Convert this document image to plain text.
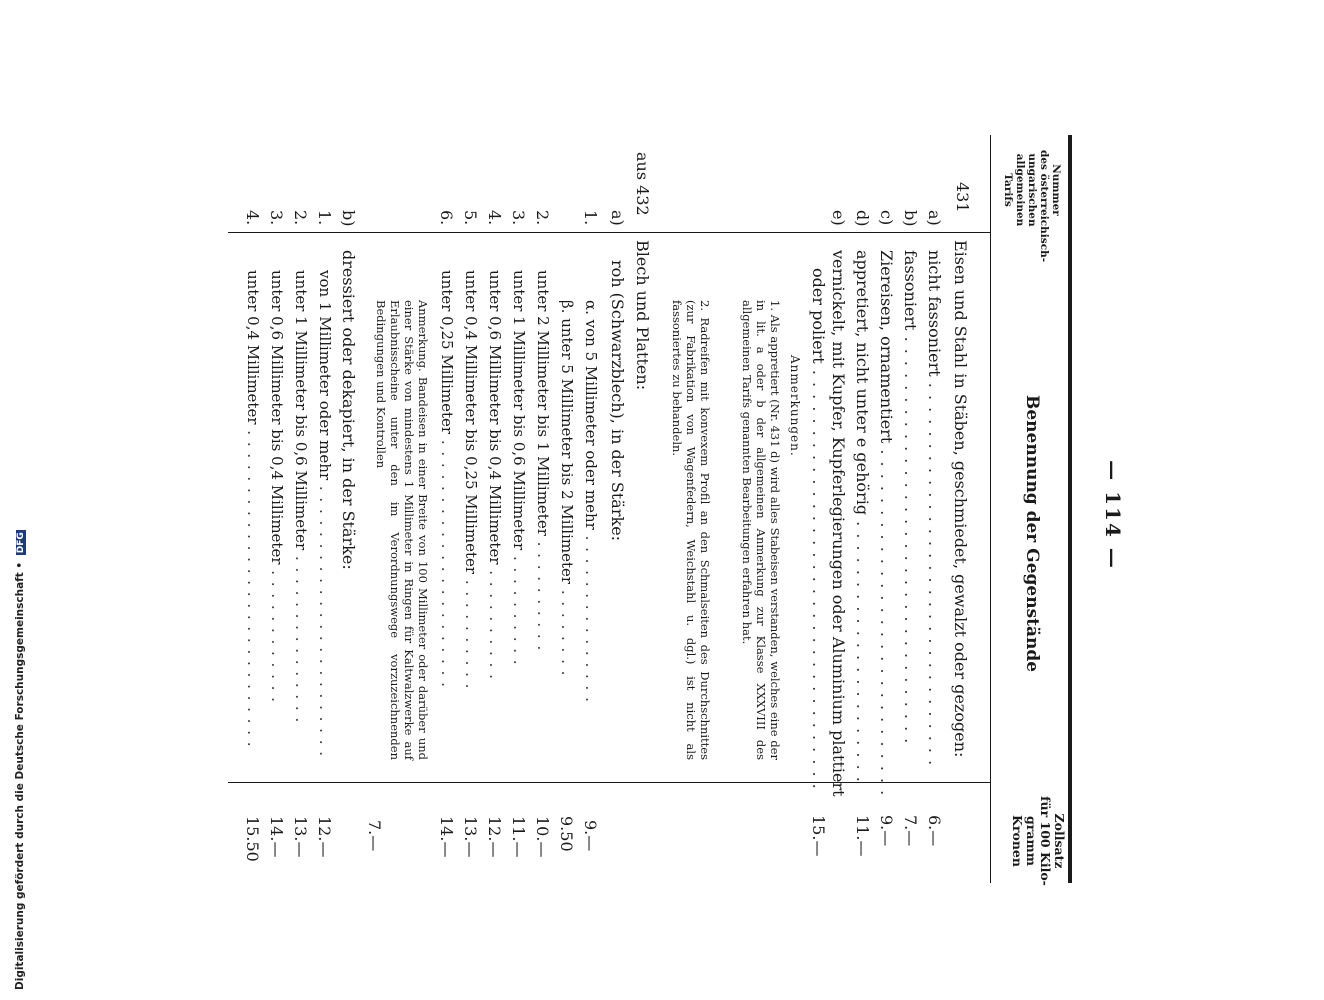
— 114 —
Nummer
des österreichisch-
ungarischen
allgemeinen
Tarifs
Benennung der Gegenstände
Zollsatz
für 100 Kilo-
gramm
Kronen
431
Eisen und Stahl in Stäben, geschmiedet, gewalzt oder gezogen:
a)
nicht fassoniert . . . . . . . . . . . . . . . . . . . . . . . . . . . . . . . .
6.—
b)
fassoniert . . . . . . . . . . . . . . . . . . . . . . . . . . . . . . . . . .
7.—
c)
Ziereisen, ornamentiert . . . . . . . . . . . . . . . . . . . . . . . . . . . . .
9.—
d)
appretiert, nicht unter e gehörig . . . . . . . . . . . . . . . . . . . . . .
11.—
e)
vernickelt, mit Kupfer, Kupferlegierungen oder Aluminium plattiert
oder poliert . . . . . . . . . . . . . . . . . . . . . . . . . . . . . . . . . . .
15.—
Anmerkungen.
1. Als appretiert (Nr. 431 d) wird alles Stabeisen verstanden, welches eine der in lit. a oder b der allgemeinen Anmerkung zur Klasse XXXVIII des allgemeinen Tarifs genannten Bearbeitungen erfahren hat.
2. Radreifen mit konvexem Profil an den Schmalseiten des Durchschnittes (zur Fabrikation von Wagenfedern, Weichstahl u. dgl.) ist nicht als fassoniertes zu behandeln.
aus 432
Blech und Platten:
a)
roh (Schwarzblech), in der Stärke:
1.
α. von 5 Millimeter oder mehr . . . . . . . . . . . . . . .
9.—
β. unter 5 Millimeter bis 2 Millimeter . . . . . . . .
9.50
2.
unter 2 Millimeter bis 1 Millimeter . . . . . . . . . .
10.—
3.
unter 1 Millimeter bis 0,6 Millimeter . . . . . . . . . .
11.—
4.
unter 0,6 Millimeter bis 0,4 Millimeter . . . . . . . . . .
12.—
5.
unter 0,4 Millimeter bis 0,25 Millimeter . . . . . . . . . .
13.—
6.
unter 0,25 Millimeter . . . . . . . . . . . . . . . . . . . . . .
14.—
Anmerkung. Bandeisen in einer Breite von 100 Millimeter oder darüber und einer Stärke von mindestens 1 Millimeter in Ringen für Kaltwalzwerke auf Erlaubnisscheine unter den im Verordnungswege vorzuzeichnenden Bedingungen und Kontrollen
7.—
b)
dressiert oder dekapiert, in der Stärke:
1.
von 1 Millimeter oder mehr . . . . . . . . . . . . . . . . . . . . . . . .
12.—
2.
unter 1 Millimeter bis 0,6 Millimeter . . . . . . . . . . . . . . .
13.—
3.
unter 0,6 Millimeter bis 0,4 Millimeter . . . . . . . . . . . .
14.—
4.
unter 0,4 Millimeter . . . . . . . . . . . . . . . . . . . . . . . . . . . .
15.50
Digitalisierung gefördert durch die Deutsche Forschungsgemeinschaft • DFG
